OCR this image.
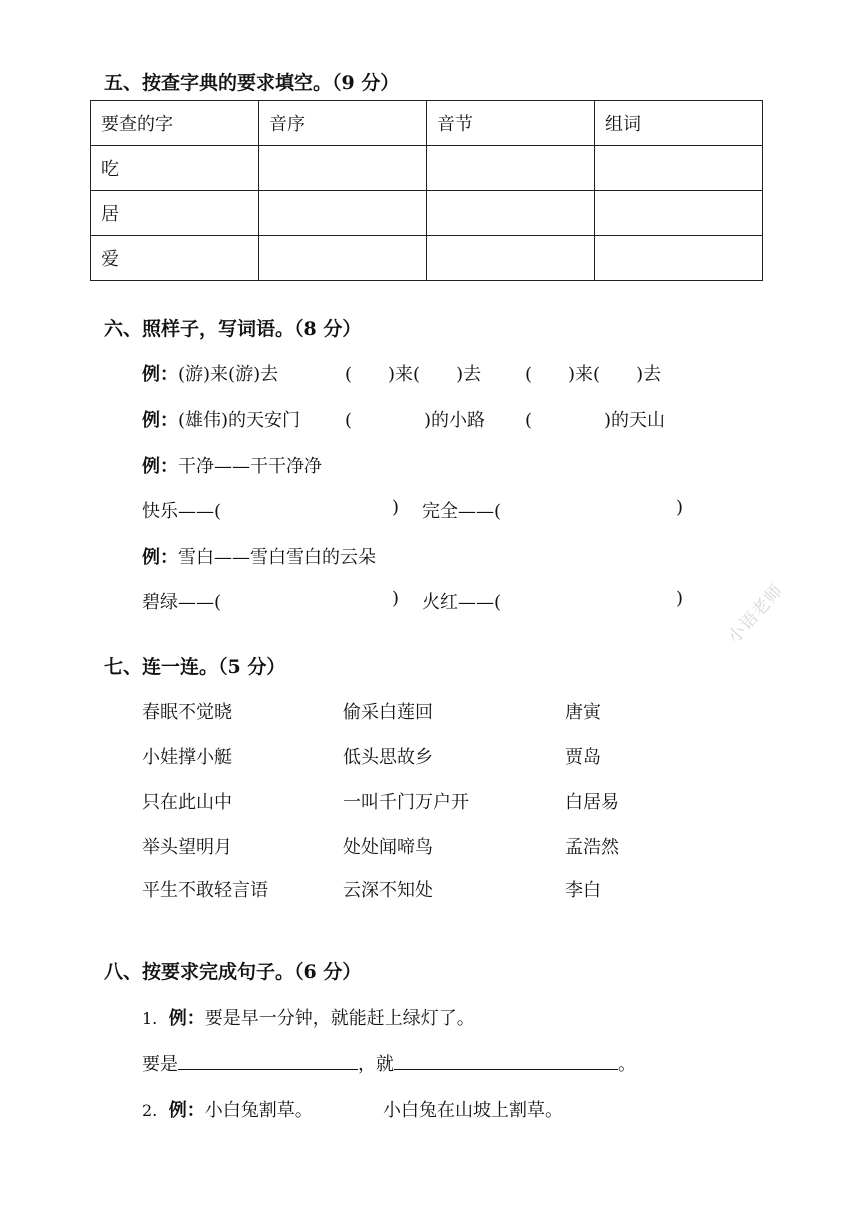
五、按查字典的要求填空。（9 分）
要查的字	音序	音节	组词
吃			
居			
爱			
六、照样子，写词语。（8 分）
例：(游)来(游)去	(　　)来(　　)去 (　　)来(　　)去
例：(雄伟)的天安门 (　　　　)的小路 (　　　　)的天山
例：干净——干干净净
快乐——(	) 完全——(	)
例：雪白——雪白雪白的云朵
碧绿——(	) 火红——(	) 小语老师
七、连一连。（5 分）
春眠不觉晓	偷采白莲回	唐寅
小娃撑小艇	低头思故乡	贾岛
只在此山中	一叫千门万户开	白居易
举头望明月	处处闻啼鸟	孟浩然
平生不敢轻言语	云深不知处	李白
八、按要求完成句子。（6 分）
1. 例：要是早一分钟，就能赶上绿灯了。
要是	，就	。
2. 例：小白兔割草。	小白兔在山坡上割草。
